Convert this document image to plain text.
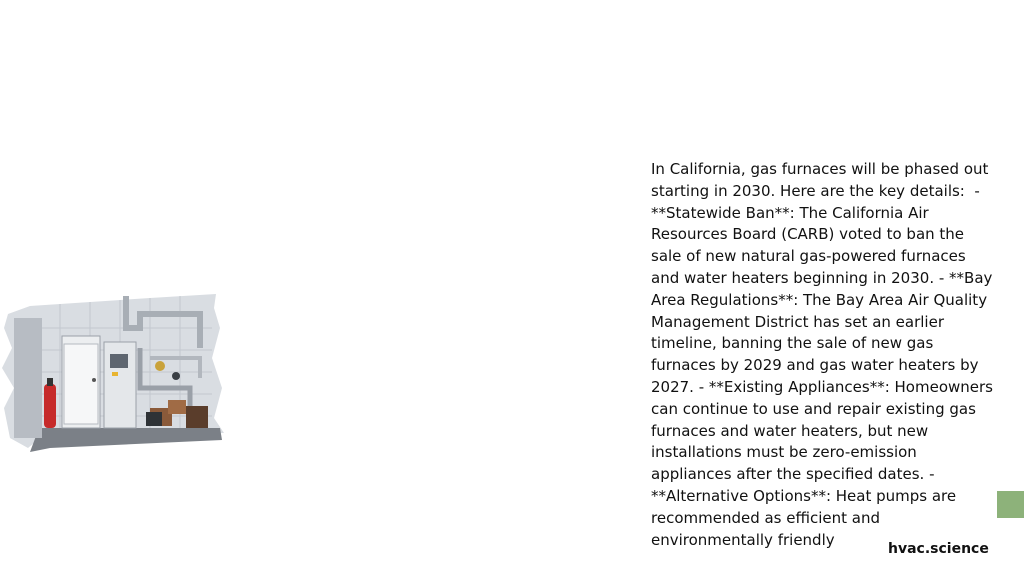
In California, gas furnaces will be phased out starting in 2030. Here are the key details:  - **Statewide Ban**: The California Air Resources Board (CARB) voted to ban the sale of new natural gas-powered furnaces and water heaters beginning in 2030. - **Bay Area Regulations**: The Bay Area Air Quality Management District has set an earlier timeline, banning the sale of new gas furnaces by 2029 and gas water heaters by 2027. - **Existing Appliances**: Homeowners can continue to use and repair existing gas furnaces and water heaters, but new installations must be zero-emission appliances after the specified dates. - **Alternative Options**: Heat pumps are recommended as efficient and environmentally friendly
hvac.science
